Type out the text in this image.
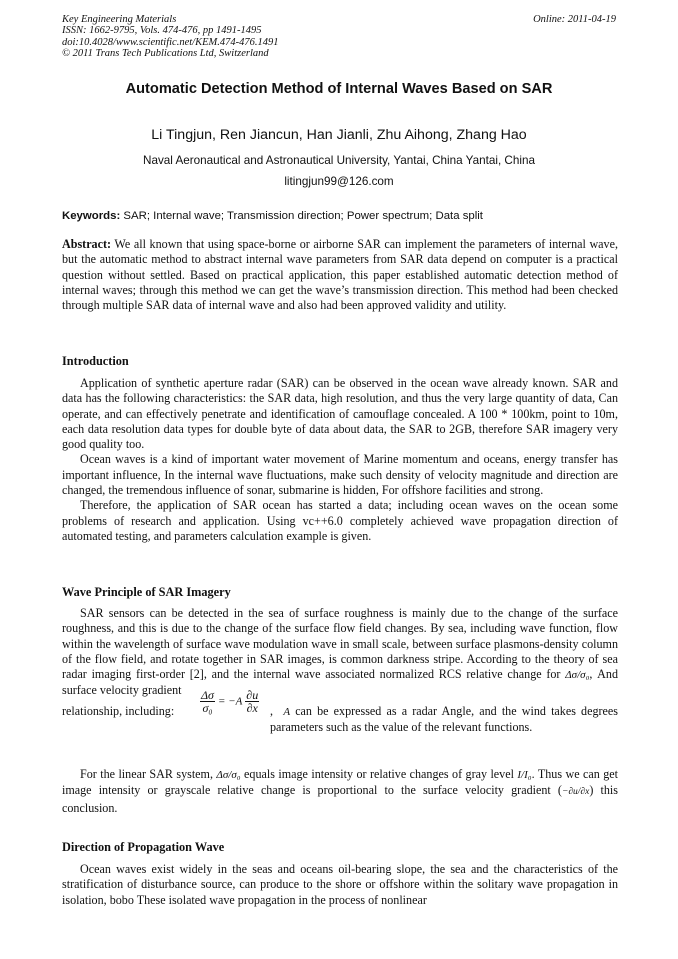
Key Engineering Materials
ISSN: 1662-9795, Vols. 474-476, pp 1491-1495
doi:10.4028/www.scientific.net/KEM.474-476.1491
© 2011 Trans Tech Publications Ltd, Switzerland
Online: 2011-04-19
Automatic Detection Method of Internal Waves Based on SAR
Li Tingjun, Ren Jiancun, Han Jianli, Zhu Aihong, Zhang Hao
Naval Aeronautical and Astronautical University, Yantai, China Yantai, China
litingjun99@126.com
Keywords: SAR; Internal wave; Transmission direction; Power spectrum; Data split

Abstract: We all known that using space-borne or airborne SAR can implement the parameters of internal wave, but the automatic method to abstract internal wave parameters from SAR data depend on computer is a practical question without settled. Based on practical application, this paper established automatic detection method of internal waves; through this method we can get the wave’s transmission direction. This method had been checked through multiple SAR data of internal wave and also had been approved validity and utility.

Introduction

Application of synthetic aperture radar (SAR) can be observed in the ocean wave already known. SAR and data has the following characteristics: the SAR data, high resolution, and thus the very large quantity of data, Can operate, and can effectively penetrate and identification of camouflage concealed. A 100 * 100km, point to 10m, each data resolution data types for double byte of data about data, the SAR to 2GB, therefore SAR imagery very good quality too.

Ocean waves is a kind of important water movement of Marine momentum and oceans, energy transfer has important influence, In the internal wave fluctuations, make such density of velocity magnitude and direction are changed, the tremendous influence of sonar, submarine is hidden, For offshore facilities and strong.

Therefore, the application of SAR ocean has started a data; including ocean waves on the ocean some problems of research and application. Using vc++6.0 completely achieved wave propagation direction of automated testing, and parameters calculation example is given.

Wave Principle of SAR Imagery

SAR sensors can be detected in the sea of surface roughness is mainly due to the change of the surface roughness, and this is due to the change of the surface flow field changes. By sea, including wave function, flow within the wavelength of surface wave modulation wave in small scale, between surface plasmons-density column of the flow field, and rotate together in SAR images, is common darkness stripe. According to the theory of sea radar imaging first-order [2], and the internal wave associated normalized RCS relative change for Δσ/σ₀, And surface velocity gradient

relationship, including: $\frac{\Delta\sigma}{\text{σ₀}} = -A \frac{\partial u}{\partial x}$ ,  A can be expressed as a radar Angle, and the wind takes degrees parameters such as the value of the relevant functions.

For the linear SAR system, Δσ/σ₀ equals image intensity or relative changes of gray level I/I₀. Thus we can get image intensity or grayscale relative change is proportional to the surface velocity gradient (−∂u/∂x) this conclusion.

Direction of Propagation Wave

Ocean waves exist widely in the seas and oceans oil-bearing slope, the sea and the characteristics of the stratification of disturbance source, can produce to the shore or offshore within the solitary wave propagation in isolation, bobo These isolated wave propagation in the process of nonlinear
